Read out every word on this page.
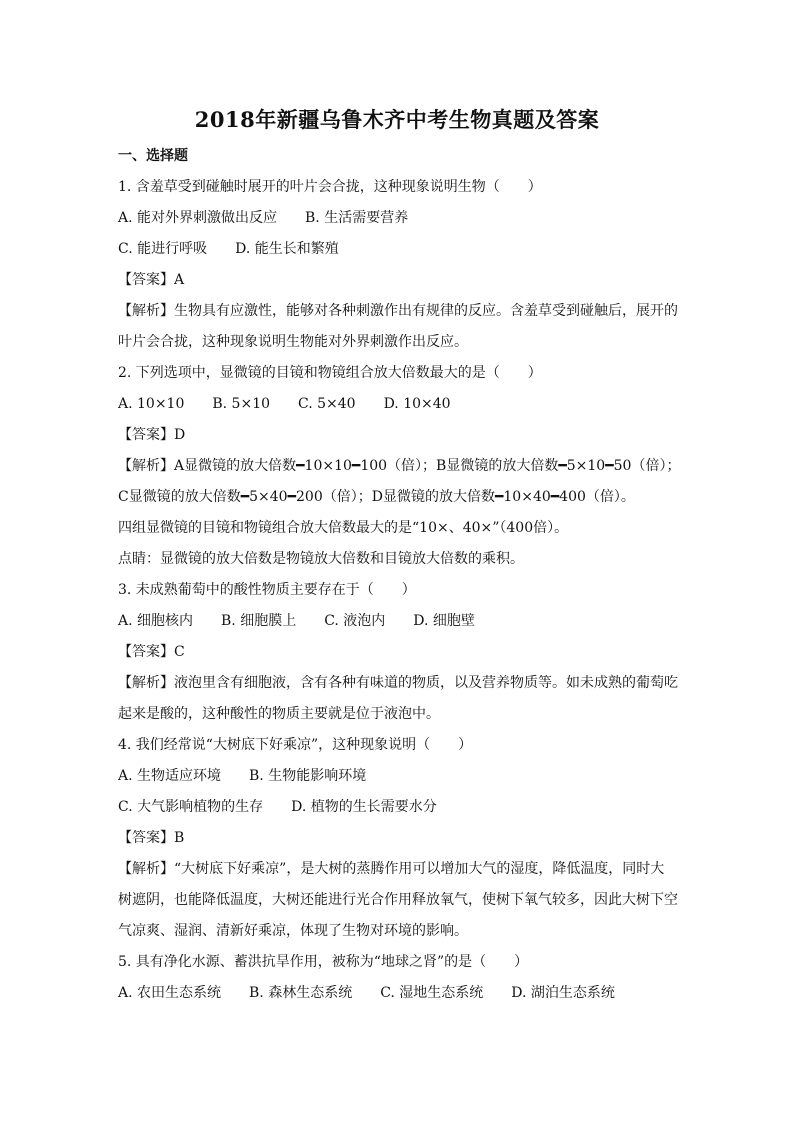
2018年新疆乌鲁木齐中考生物真题及答案
一、选择题
1. 含羞草受到碰触时展开的叶片会合拢，这种现象说明生物（　　）
A. 能对外界刺激做出反应　　B. 生活需要营养
C. 能进行呼吸　　D. 能生长和繁殖
【答案】A
【解析】生物具有应激性，能够对各种刺激作出有规律的反应。含羞草受到碰触后，展开的
叶片会合拢，这种现象说明生物能对外界刺激作出反应。
2. 下列选项中，显微镜的目镜和物镜组合放大倍数最大的是（　　）
A. 10×10　　B. 5×10　　C. 5×40　　D. 10×40
【答案】D
【解析】A显微镜的放大倍数━10×10━100（倍）；B显微镜的放大倍数━5×10━50（倍）；
C显微镜的放大倍数━5×40━200（倍）；D显微镜的放大倍数━10×40━400（倍）。
四组显微镜的目镜和物镜组合放大倍数最大的是“10×、40×”（400倍）。
点睛：显微镜的放大倍数是物镜放大倍数和目镜放大倍数的乘积。
3. 未成熟葡萄中的酸性物质主要存在于（　　）
A. 细胞核内　　B. 细胞膜上　　C. 液泡内　　D. 细胞壁
【答案】C
【解析】液泡里含有细胞液，含有各种有味道的物质，以及营养物质等。如未成熟的葡萄吃
起来是酸的，这种酸性的物质主要就是位于液泡中。
4. 我们经常说“大树底下好乘凉”，这种现象说明（　　）
A. 生物适应环境　　B. 生物能影响环境
C. 大气影响植物的生存　　D. 植物的生长需要水分
【答案】B
【解析】“大树底下好乘凉”，是大树的蒸腾作用可以增加大气的湿度，降低温度，同时大
树遮阴，也能降低温度，大树还能进行光合作用释放氧气，使树下氧气较多，因此大树下空
气凉爽、湿润、清新好乘凉，体现了生物对环境的影响。
5. 具有净化水源、蓄洪抗旱作用，被称为“地球之肾”的是（　　）
A. 农田生态系统　　B. 森林生态系统　　C. 湿地生态系统　　D. 湖泊生态系统
